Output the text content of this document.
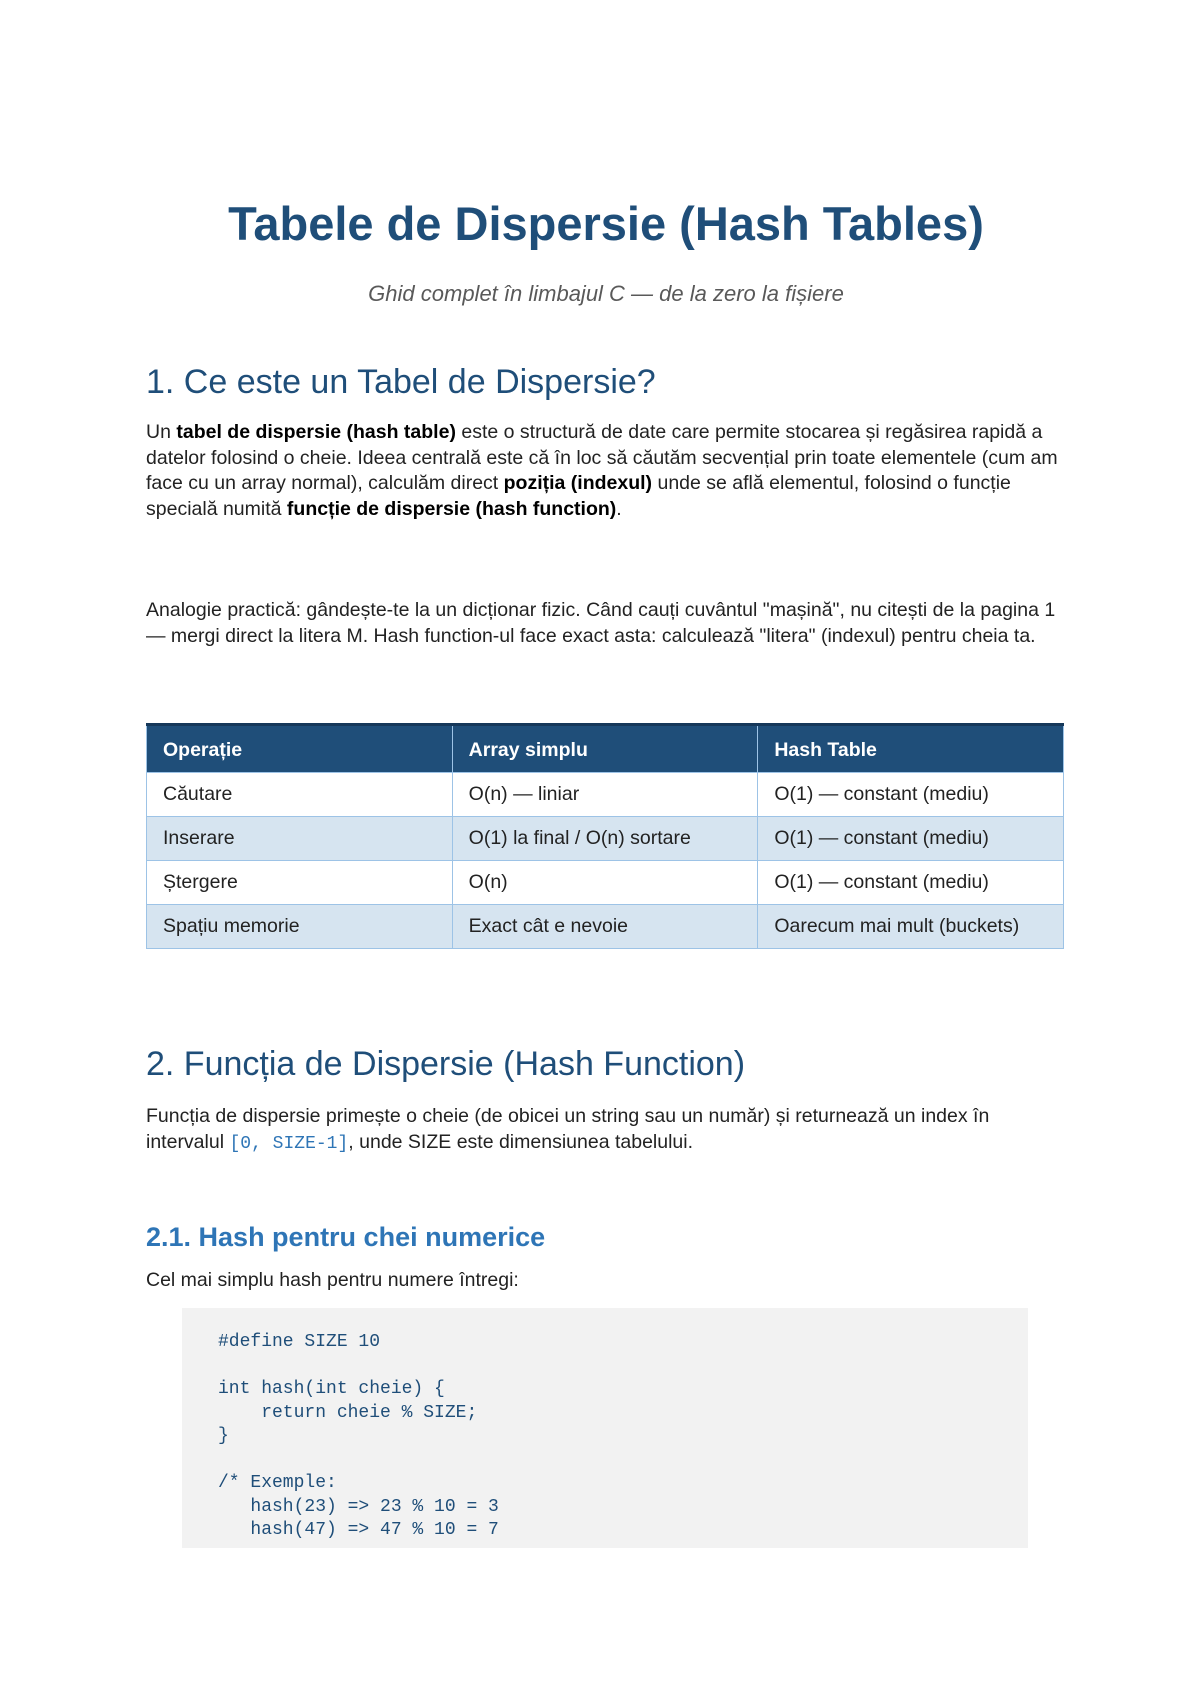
Tabele de Dispersie (Hash Tables)

Ghid complet în limbajul C — de la zero la fișiere

1. Ce este un Tabel de Dispersie?

Un tabel de dispersie (hash table) este o structură de date care permite stocarea și regăsirea rapidă a datelor folosind o cheie. Ideea centrală este că în loc să căutăm secvențial prin toate elementele (cum am face cu un array normal), calculăm direct poziția (indexul) unde se află elementul, folosind o funcție specială numită funcție de dispersie (hash function).

Analogie practică: gândește-te la un dicționar fizic. Când cauți cuvântul "mașină", nu citești de la pagina 1 — mergi direct la litera M. Hash function-ul face exact asta: calculează "litera" (indexul) pentru cheia ta.

Operație	Array simplu	Hash Table
Căutare	O(n) — liniar	O(1) — constant (mediu)
Inserare	O(1) la final / O(n) sortare	O(1) — constant (mediu)
Ștergere	O(n)	O(1) — constant (mediu)
Spațiu memorie	Exact cât e nevoie	Oarecum mai mult (buckets)
2. Funcția de Dispersie (Hash Function)

Funcția de dispersie primește o cheie (de obicei un string sau un număr) și returnează un index în intervalul [0, SIZE-1], unde SIZE este dimensiunea tabelului.

2.1. Hash pentru chei numerice

Cel mai simplu hash pentru numere întregi:

#define SIZE 10
int hash(int cheie) {
return cheie % SIZE;
}
/* Exemple:
hash(23) => 23 % 10 = 3
hash(47) => 47 % 10 = 7
